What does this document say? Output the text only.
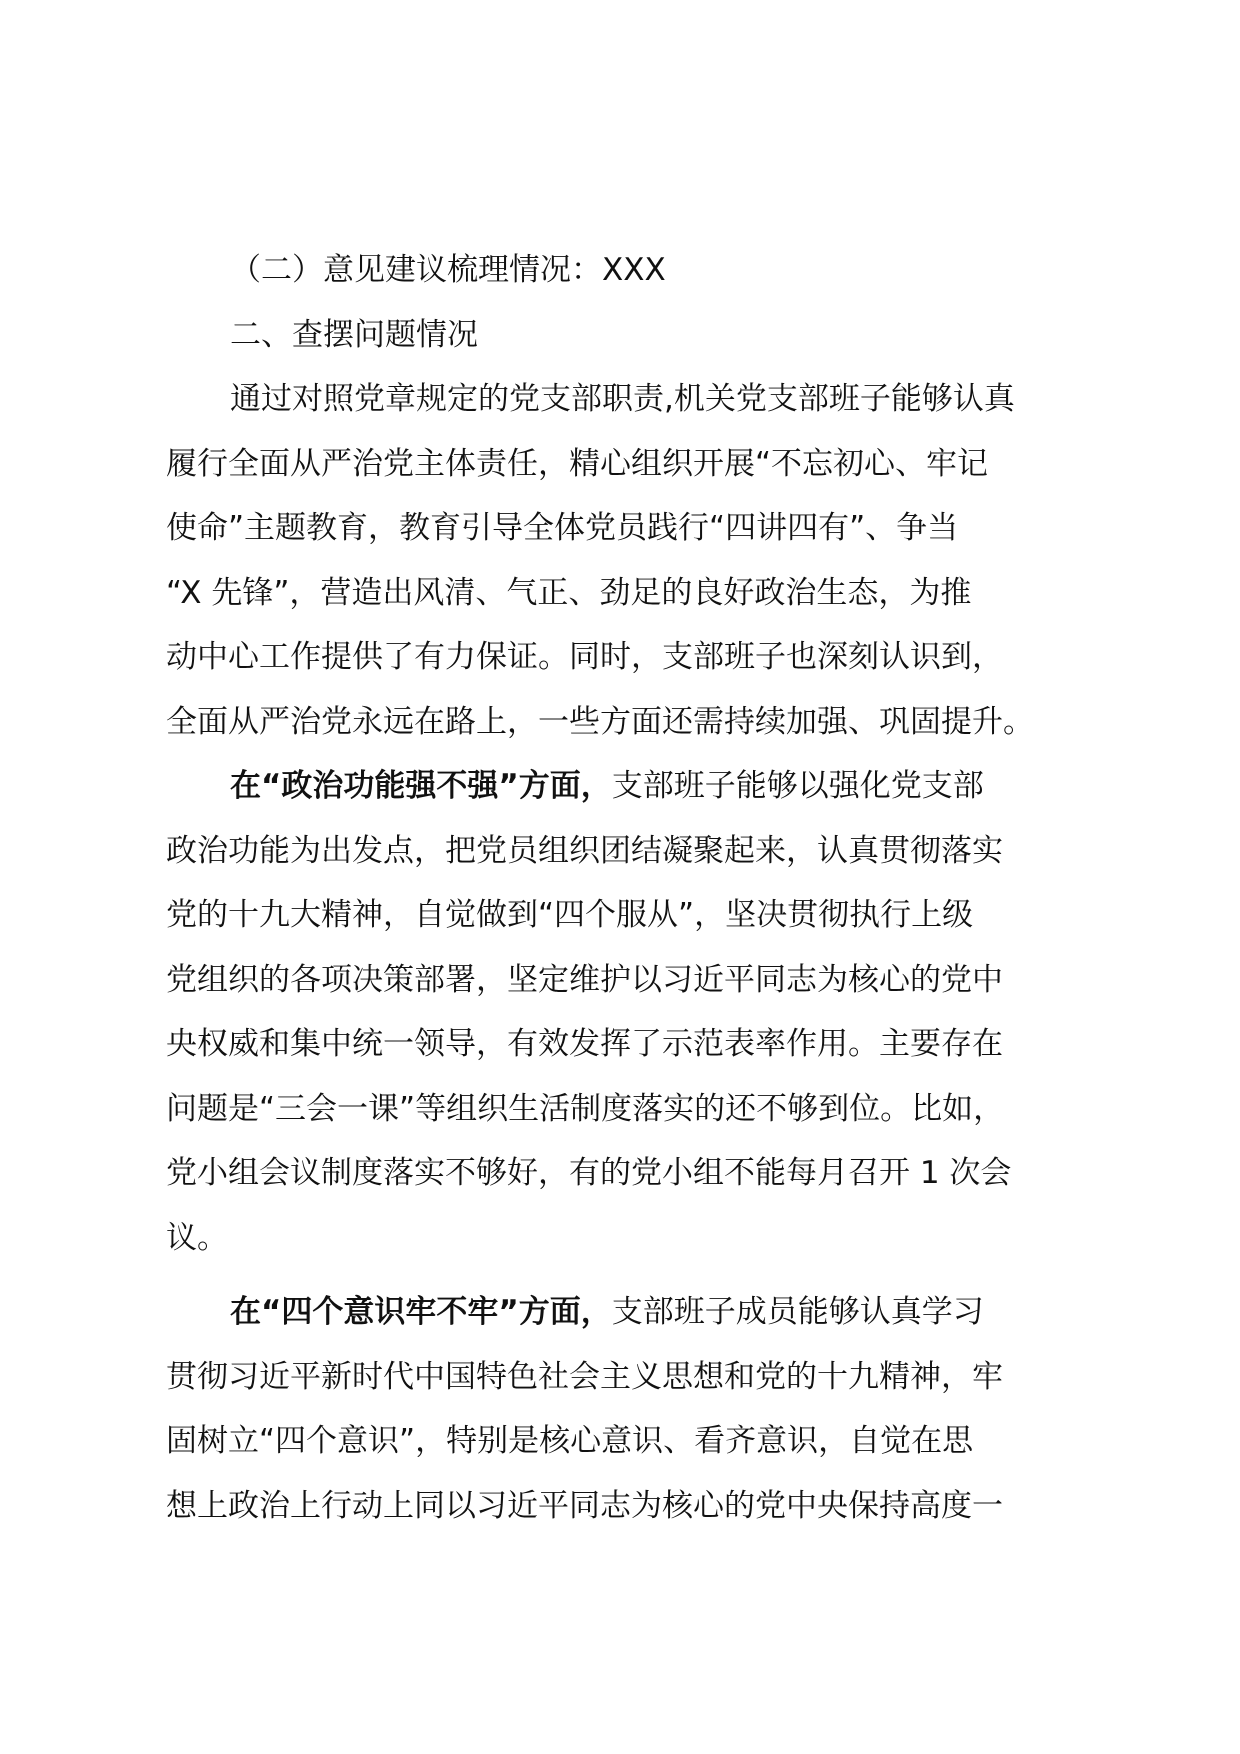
（二）意见建议梳理情况：XXX

二、查摆问题情况

通过对照党章规定的党支部职责,机关党支部班子能够认真
履行全面从严治党主体责任，精心组织开展“不忘初心、牢记
使命”主题教育，教育引导全体党员践行“四讲四有”、争当
“X 先锋”，营造出风清、气正、劲足的良好政治生态，为推
动中心工作提供了有力保证。同时，支部班子也深刻认识到，
全面从严治党永远在路上，一些方面还需持续加强、巩固提升。

在“政治功能强不强”方面，支部班子能够以强化党支部
政治功能为出发点，把党员组织团结凝聚起来，认真贯彻落实
党的十九大精神，自觉做到“四个服从”，坚决贯彻执行上级
党组织的各项决策部署，坚定维护以习近平同志为核心的党中
央权威和集中统一领导，有效发挥了示范表率作用。主要存在
问题是“三会一课”等组织生活制度落实的还不够到位。比如，
党小组会议制度落实不够好，有的党小组不能每月召开 1 次会
议。

在“四个意识牢不牢”方面，支部班子成员能够认真学习
贯彻习近平新时代中国特色社会主义思想和党的十九精神，牢
固树立“四个意识”，特别是核心意识、看齐意识，自觉在思
想上政治上行动上同以习近平同志为核心的党中央保持高度一
